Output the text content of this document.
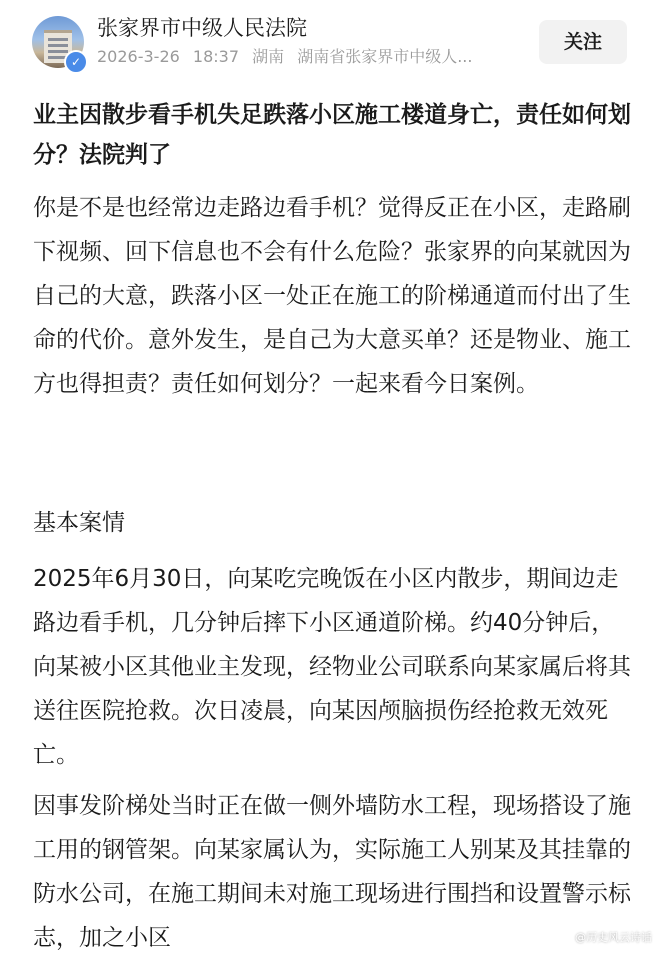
✓
张家界市中级人民法院
2026-3-26 18:37 湖南 湖南省张家界市中级人...
关注
业主因散步看手机失足跌落小区施工楼道身亡，责任如何划分？法院判了

你是不是也经常边走路边看手机？觉得反正在小区，走路刷下视频、回下信息也不会有什么危险？张家界的向某就因为自己的大意，跌落小区一处正在施工的阶梯通道而付出了生命的代价。意外发生，是自己为大意买单？还是物业、施工方也得担责？责任如何划分？一起来看今日案例。

基本案情

2025年6月30日，向某吃完晚饭在小区内散步，期间边走路边看手机，几分钟后摔下小区通道阶梯。约40分钟后，向某被小区其他业主发现，经物业公司联系向某家属后将其送往医院抢救。次日凌晨，向某因颅脑损伤经抢救无效死亡。

因事发阶梯处当时正在做一侧外墙防水工程，现场搭设了施工用的钢管架。向某家属认为，实际施工人别某及其挂靠的防水公司，在施工期间未对施工现场进行围挡和设置警示标志，加之小区	@历史风云诗话
